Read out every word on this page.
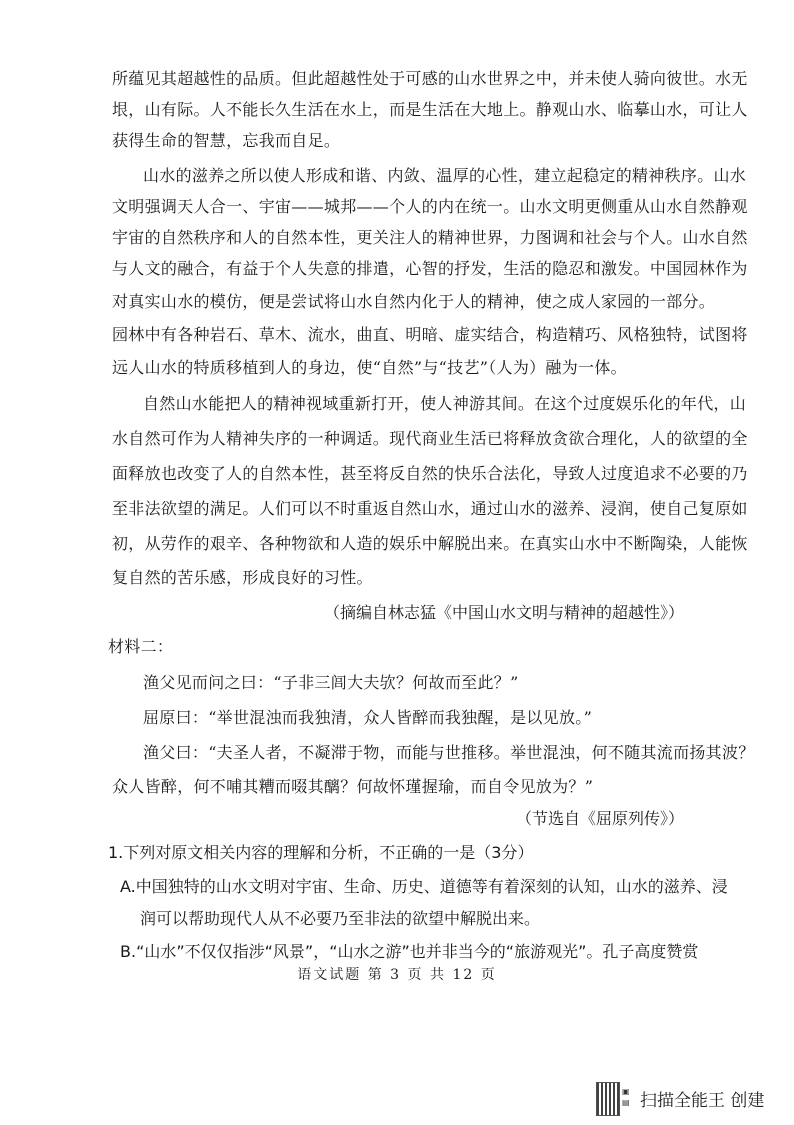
所蕴见其超越性的品质。但此超越性处于可感的山水世界之中，并未使人骑向彼世。水无
垠，山有际。人不能长久生活在水上，而是生活在大地上。静观山水、临摹山水，可让人
获得生命的智慧，忘我而自足。
山水的滋养之所以使人形成和谐、内敛、温厚的心性，建立起稳定的精神秩序。山水
文明强调天人合一、宇宙——城邦——个人的内在统一。山水文明更侧重从山水自然静观
宇宙的自然秩序和人的自然本性，更关注人的精神世界，力图调和社会与个人。山水自然
与人文的融合，有益于个人失意的排遣，心智的抒发，生活的隐忍和激发。中国园林作为
对真实山水的模仿，便是尝试将山水自然内化于人的精神，使之成人家园的一部分。
园林中有各种岩石、草木、流水，曲直、明暗、虚实结合，构造精巧、风格独特，试图将
远人山水的特质移植到人的身边，使“自然”与“技艺”（人为）融为一体。
自然山水能把人的精神视域重新打开，使人神游其间。在这个过度娱乐化的年代，山
水自然可作为人精神失序的一种调适。现代商业生活已将释放贪欲合理化，人的欲望的全
面释放也改变了人的自然本性，甚至将反自然的快乐合法化，导致人过度追求不必要的乃
至非法欲望的满足。人们可以不时重返自然山水，通过山水的滋养、浸润，使自己复原如
初，从劳作的艰辛、各种物欲和人造的娱乐中解脱出来。在真实山水中不断陶染，人能恢
复自然的苦乐感，形成良好的习性。
（摘编自林志猛《中国山水文明与精神的超越性》）
材料二：
渔父见而问之曰：“子非三闾大夫欤？何故而至此？”
屈原曰：“举世混浊而我独清，众人皆醉而我独醒，是以见放。”
渔父曰：“夫圣人者，不凝滞于物，而能与世推移。举世混浊，何不随其流而扬其波？
众人皆醉，何不哺其糟而啜其醨？何故怀瑾握瑜，而自令见放为？”
（节选自《屈原列传》）
1.下列对原文相关内容的理解和分析，不正确的一是（3分）
A.中国独特的山水文明对宇宙、生命、历史、道德等有着深刻的认知，山水的滋养、浸
润可以帮助现代人从不必要乃至非法的欲望中解脱出来。
B.“山水”不仅仅指涉“风景”，“山水之游”也并非当今的“旅游观光”。孔子高度赞赏
语文试题 第 3 页 共 12 页
▣
▤ 扫描全能王 创建
